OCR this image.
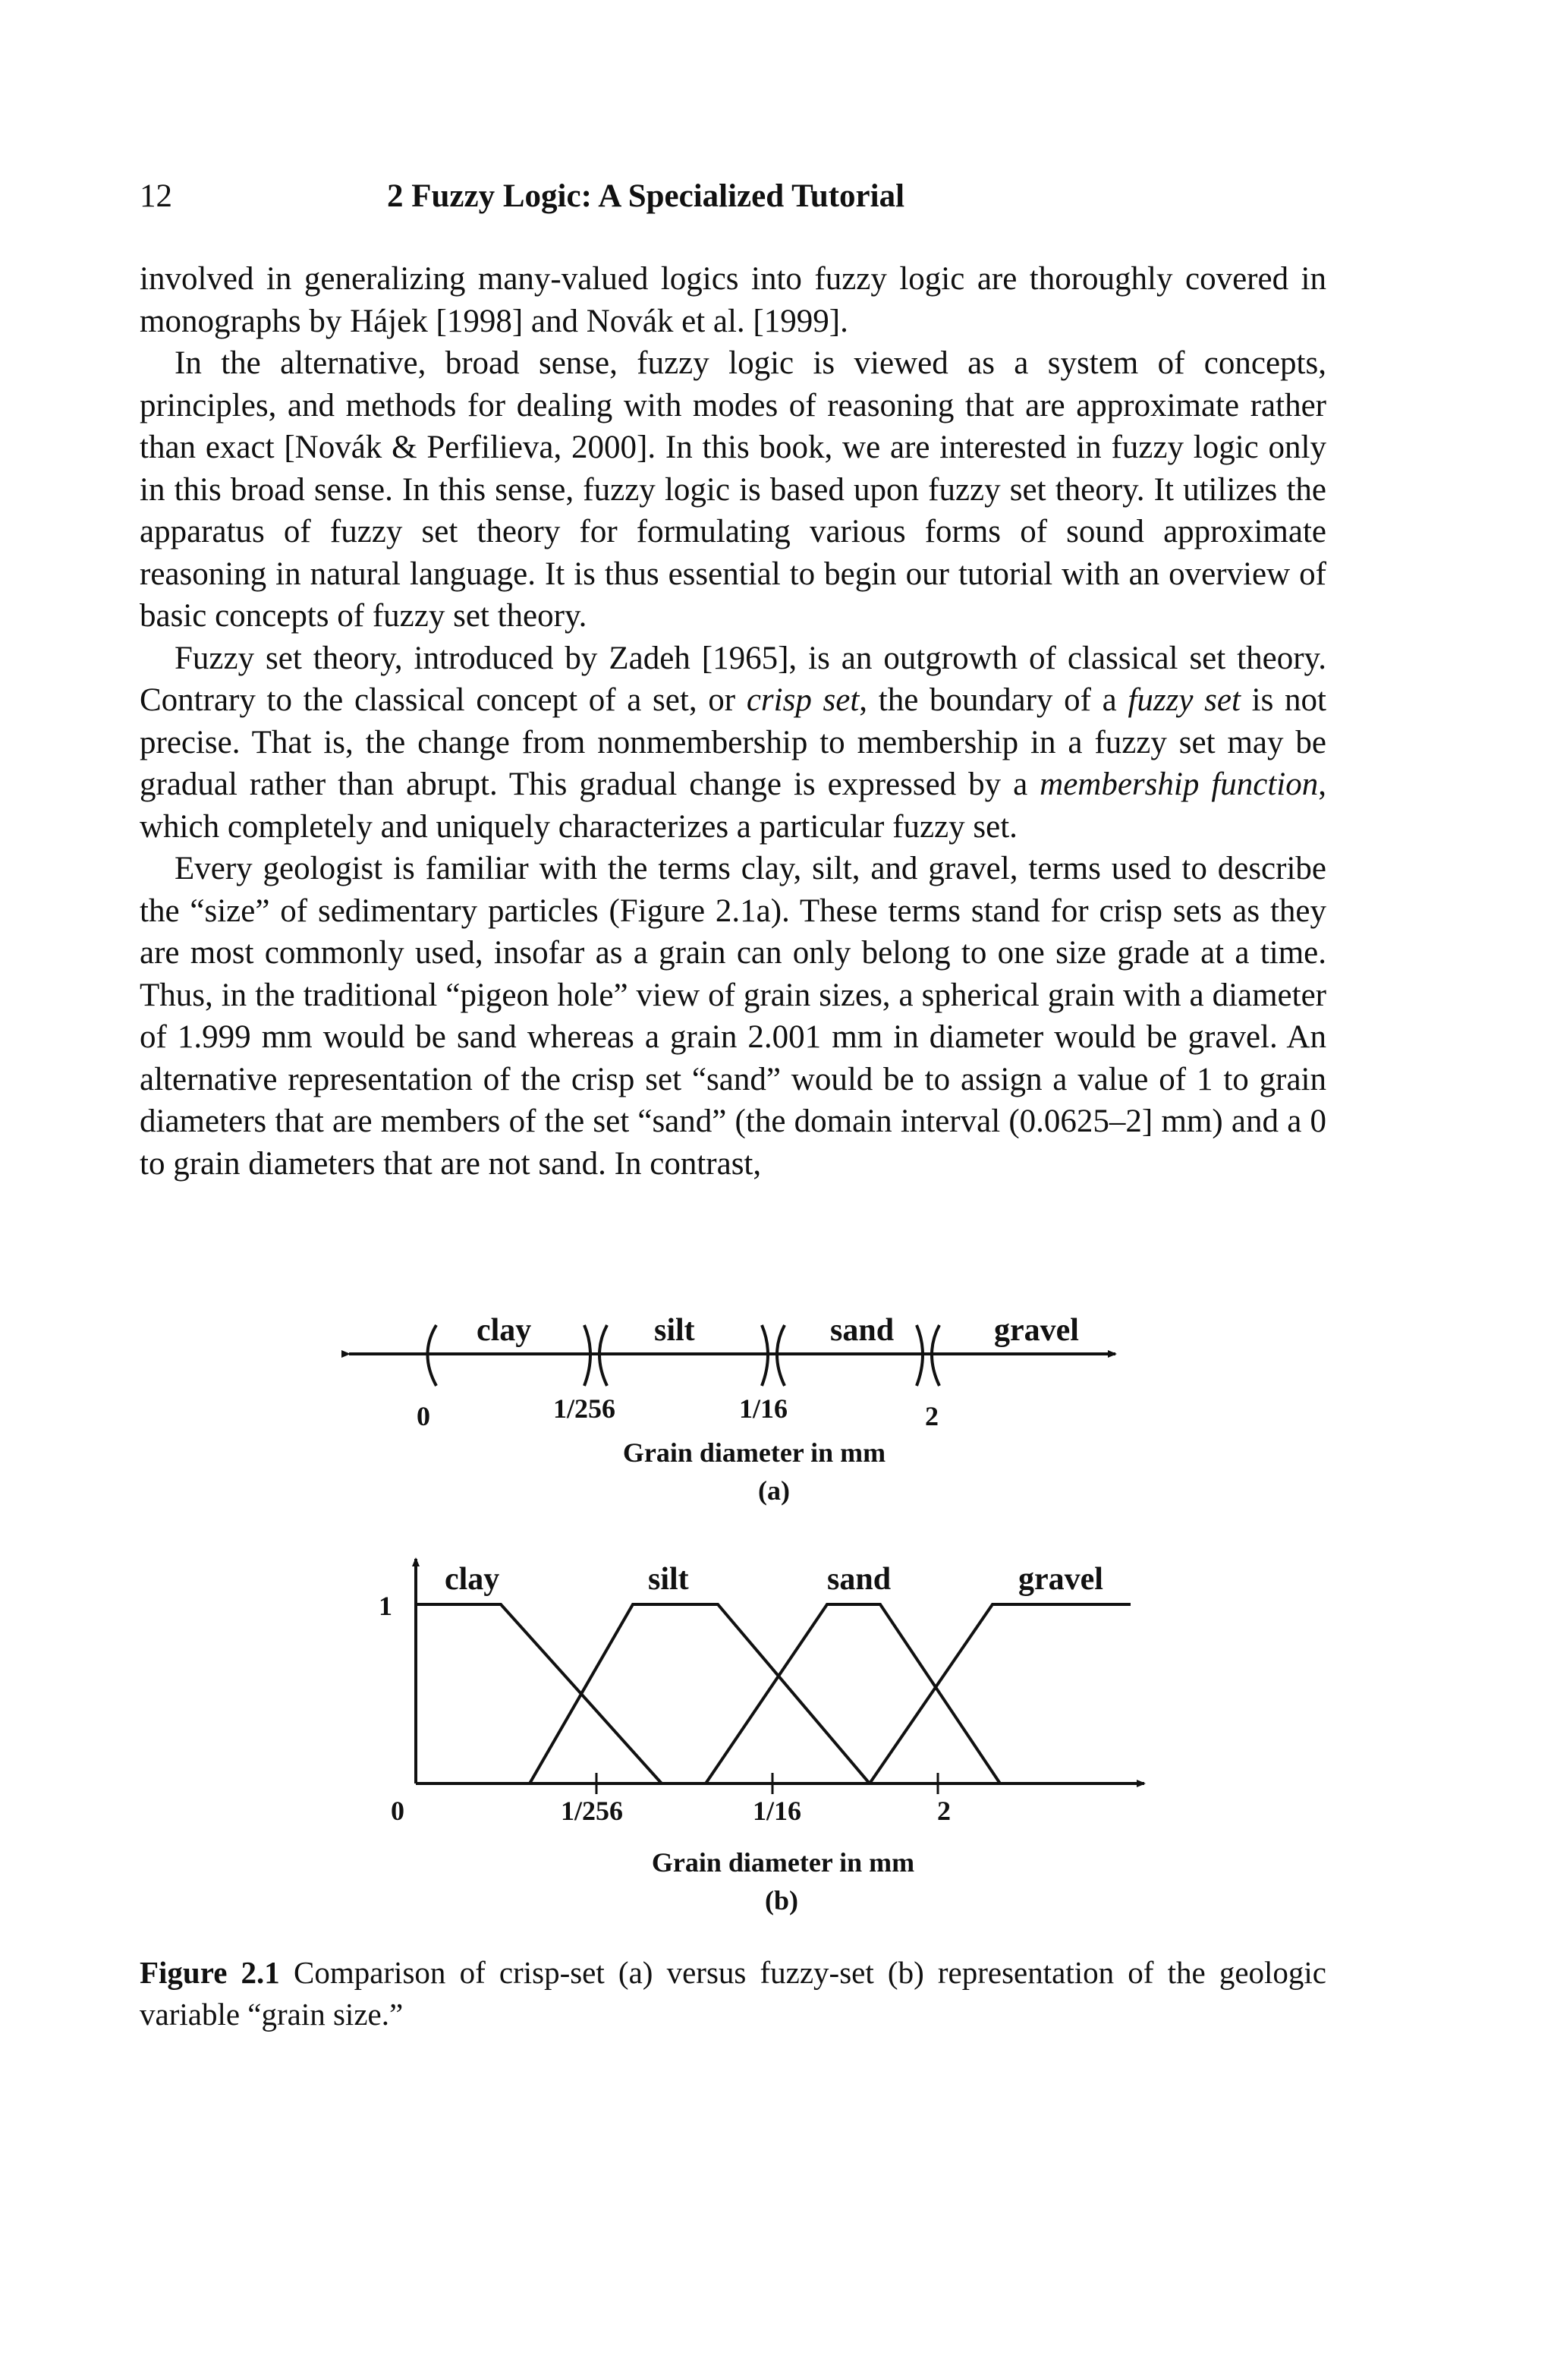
12	2 Fuzzy Logic: A Specialized Tutorial

involved in generalizing many-valued logics into fuzzy logic are thoroughly covered in monographs by Hájek [1998] and Novák et al. [1999].

In the alternative, broad sense, fuzzy logic is viewed as a system of concepts, principles, and methods for dealing with modes of reasoning that are approximate rather than exact [Novák & Perfilieva, 2000]. In this book, we are interested in fuzzy logic only in this broad sense. In this sense, fuzzy logic is based upon fuzzy set theory. It utilizes the apparatus of fuzzy set theory for formulating various forms of sound approximate reasoning in natural language. It is thus essential to begin our tutorial with an overview of basic concepts of fuzzy set theory.

Fuzzy set theory, introduced by Zadeh [1965], is an outgrowth of classical set theory. Contrary to the classical concept of a set, or crisp set, the boundary of a fuzzy set is not precise. That is, the change from nonmembership to membership in a fuzzy set may be gradual rather than abrupt. This gradual change is expressed by a membership function, which completely and uniquely characterizes a particular fuzzy set.

Every geologist is familiar with the terms clay, silt, and gravel, terms used to describe the “size” of sedimentary particles (Figure 2.1a). These terms stand for crisp sets as they are most commonly used, insofar as a grain can only belong to one size grade at a time. Thus, in the traditional “pigeon hole” view of grain sizes, a spherical grain with a diameter of 1.999 mm would be sand whereas a grain 2.001 mm in diameter would be gravel. An alternative representation of the crisp set “sand” would be to assign a value of 1 to grain diameters that are members of the set “sand” (the domain interval (0.0625–2] mm) and a 0 to grain diameters that are not sand. In contrast,

clay	silt	sand	gravel
0	1/256	1/16	2
Grain diameter in mm
(a)
clay	silt	sand	gravel
1
0	1/256	1/16	2
Grain diameter in mm
(b)
Figure 2.1 Comparison of crisp-set (a) versus fuzzy-set (b) representation of the geologic variable “grain size.”
